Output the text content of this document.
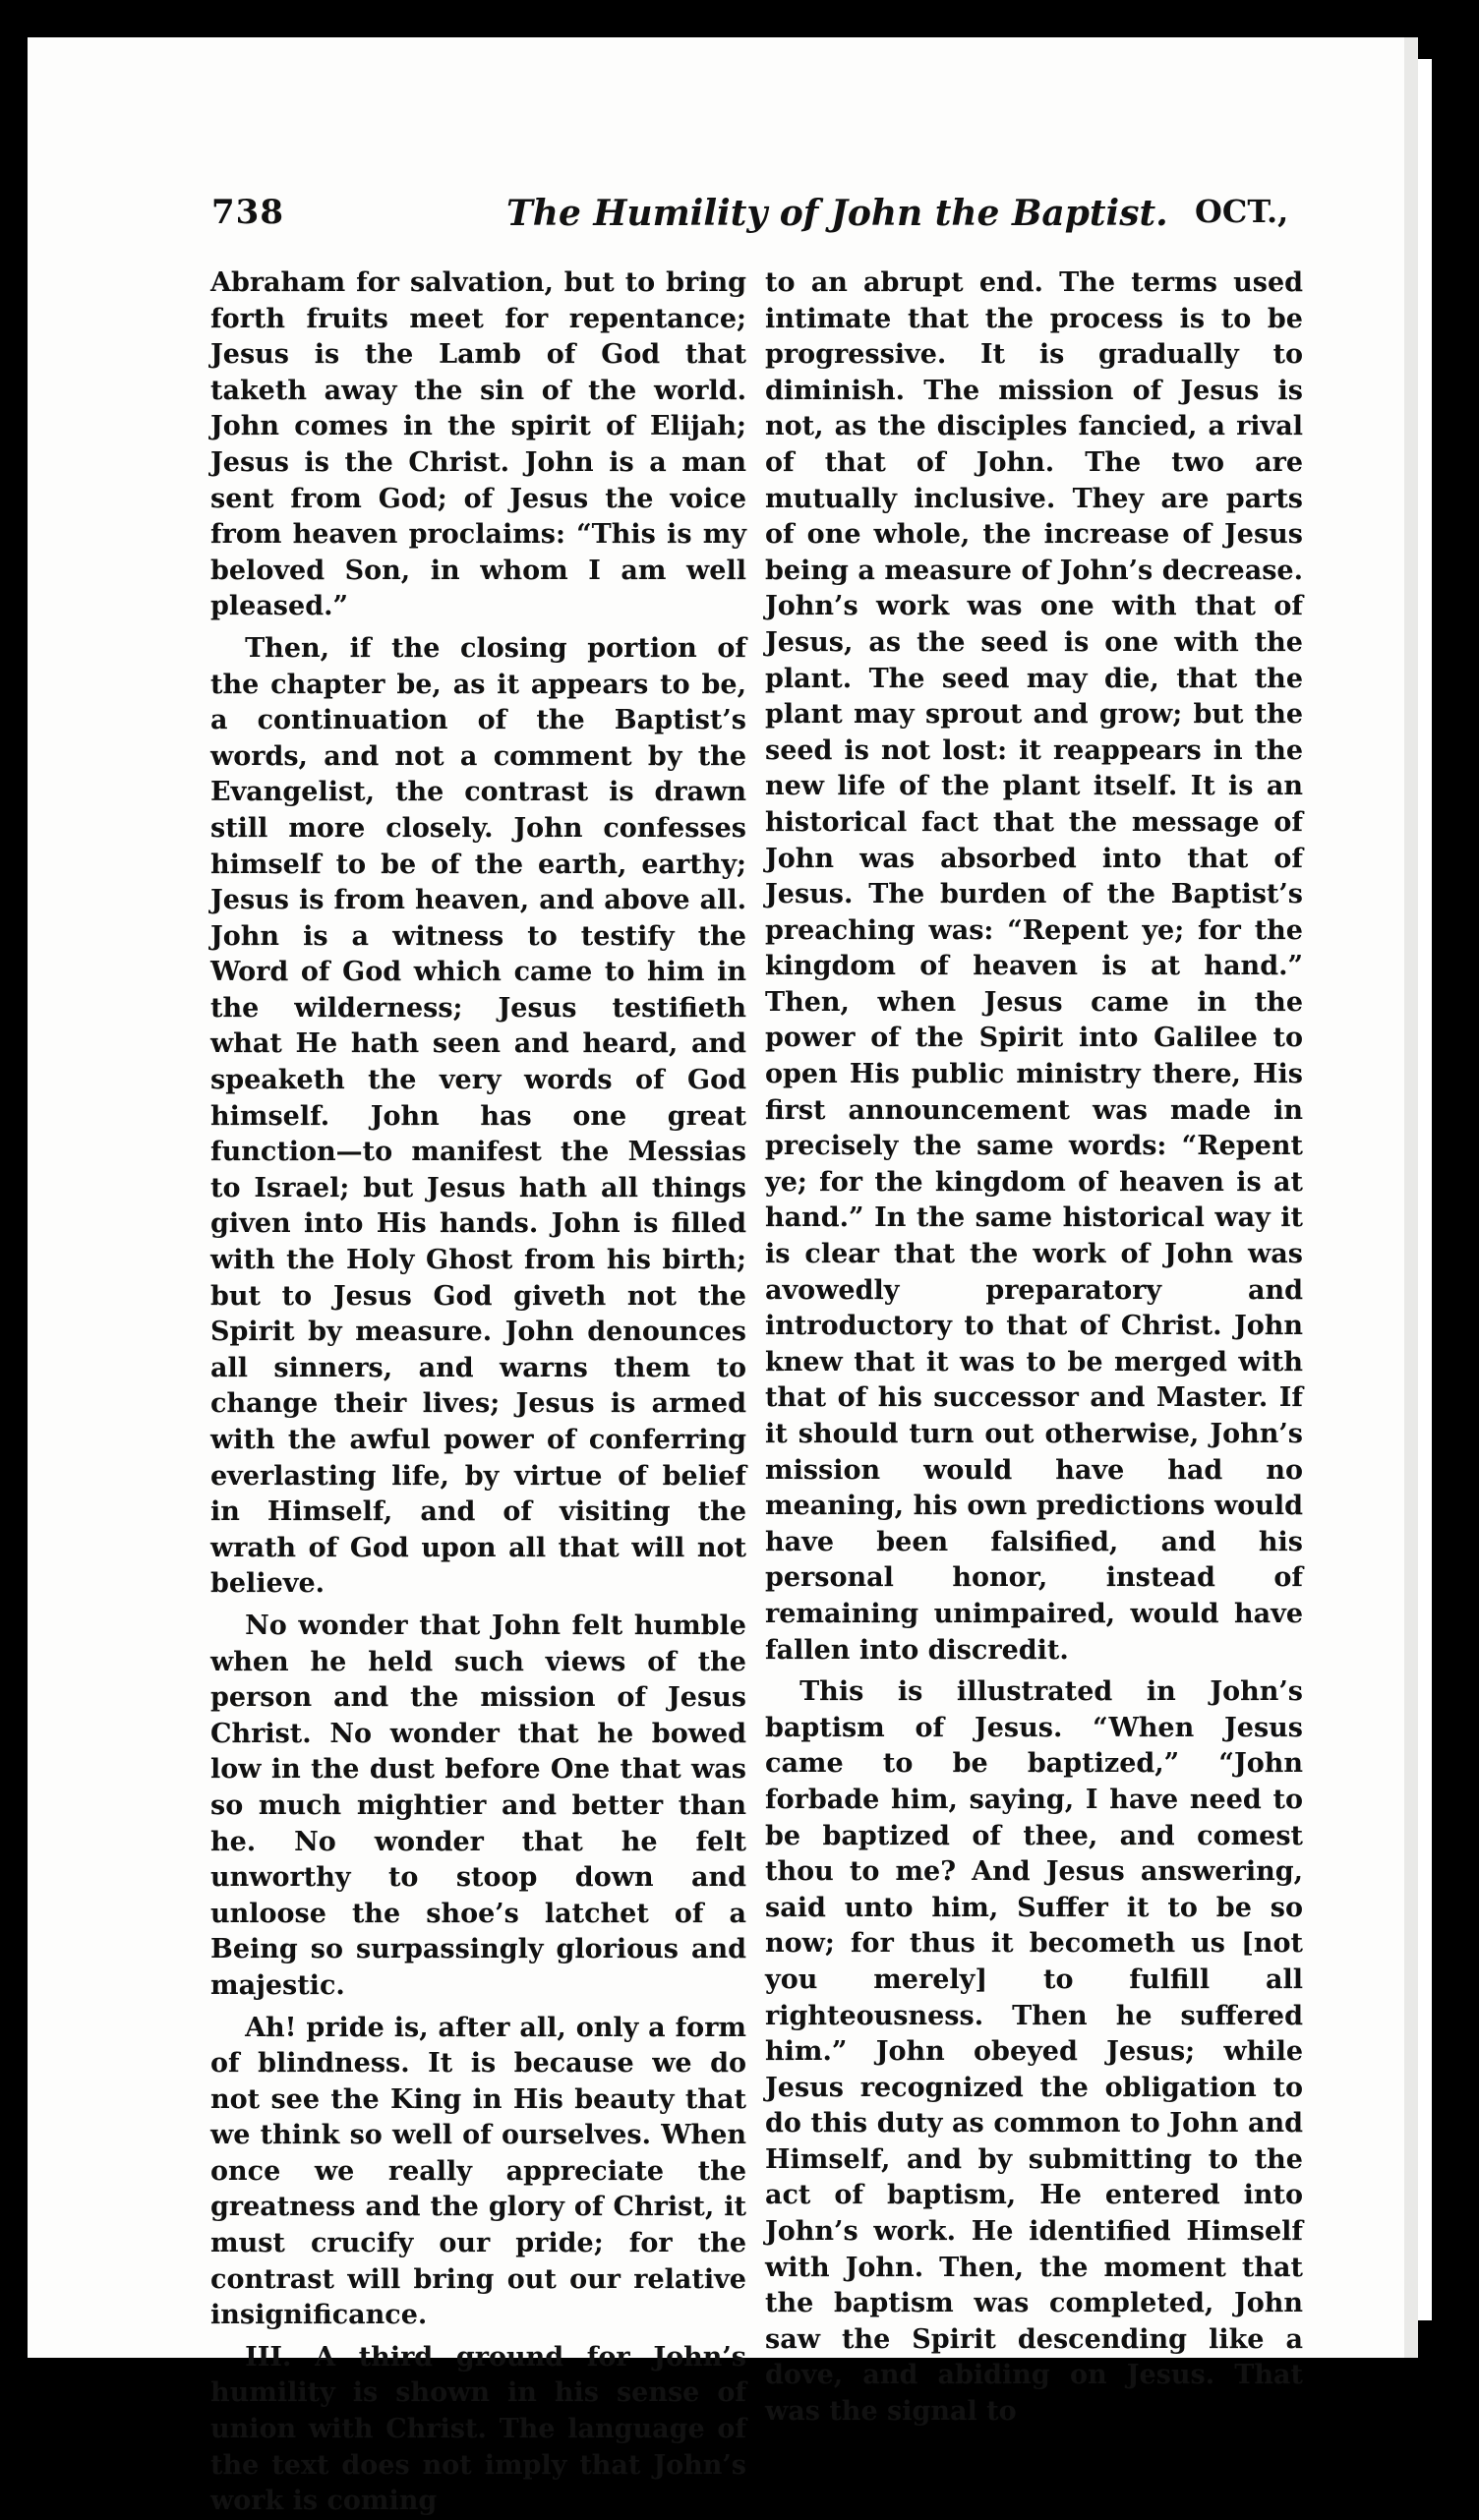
738	The Humility of John the Baptist. OCT.,

Abraham for salvation, but to bring forth fruits meet for repentance; Jesus is the Lamb of God that taketh away the sin of the world. John comes in the spirit of Elijah; Jesus is the Christ. John is a man sent from God; of Jesus the voice from heaven proclaims: “This is my beloved Son, in whom I am well pleased.”

Then, if the closing portion of the chapter be, as it appears to be, a continuation of the Baptist’s words, and not a comment by the Evangelist, the contrast is drawn still more closely. John confesses himself to be of the earth, earthy; Jesus is from heaven, and above all. John is a witness to testify the Word of God which came to him in the wilderness; Jesus testifieth what He hath seen and heard, and speaketh the very words of God himself. John has one great function—to manifest the Messias to Israel; but Jesus hath all things given into His hands. John is filled with the Holy Ghost from his birth; but to Jesus God giveth not the Spirit by measure. John denounces all sinners, and warns them to change their lives; Jesus is armed with the awful power of conferring everlasting life, by virtue of belief in Himself, and of visiting the wrath of God upon all that will not believe.

No wonder that John felt humble when he held such views of the person and the mission of Jesus Christ. No wonder that he bowed low in the dust before One that was so much mightier and better than he. No wonder that he felt unworthy to stoop down and unloose the shoe’s latchet of a Being so surpassingly glorious and majestic.

Ah! pride is, after all, only a form of blindness. It is because we do not see the King in His beauty that we think so well of ourselves. When once we really appreciate the greatness and the glory of Christ, it must crucify our pride; for the contrast will bring out our relative insignificance.

III. A third ground for John’s humility is shown in his sense of union with Christ. The language of the text does not imply that John’s work is coming

to an abrupt end. The terms used intimate that the process is to be progressive. It is gradually to diminish. The mission of Jesus is not, as the disciples fancied, a rival of that of John. The two are mutually inclusive. They are parts of one whole, the increase of Jesus being a measure of John’s decrease. John’s work was one with that of Jesus, as the seed is one with the plant. The seed may die, that the plant may sprout and grow; but the seed is not lost: it reappears in the new life of the plant itself. It is an historical fact that the message of John was absorbed into that of Jesus. The burden of the Baptist’s preaching was: “Repent ye; for the kingdom of heaven is at hand.” Then, when Jesus came in the power of the Spirit into Galilee to open His public ministry there, His first announcement was made in precisely the same words: “Repent ye; for the kingdom of heaven is at hand.” In the same historical way it is clear that the work of John was avowedly preparatory and introductory to that of Christ. John knew that it was to be merged with that of his successor and Master. If it should turn out otherwise, John’s mission would have had no meaning, his own predictions would have been falsified, and his personal honor, instead of remaining unimpaired, would have fallen into discredit.

This is illustrated in John’s baptism of Jesus. “When Jesus came to be baptized,” “John forbade him, saying, I have need to be baptized of thee, and comest thou to me? And Jesus answering, said unto him, Suffer it to be so now; for thus it becometh us [not you merely] to fulfill all righteousness. Then he suffered him.” John obeyed Jesus; while Jesus recognized the obligation to do this duty as common to John and Himself, and by submitting to the act of baptism, He entered into John’s work. He identified Himself with John. Then, the moment that the baptism was completed, John saw the Spirit descending like a dove, and abiding on Jesus. That was the signal to
